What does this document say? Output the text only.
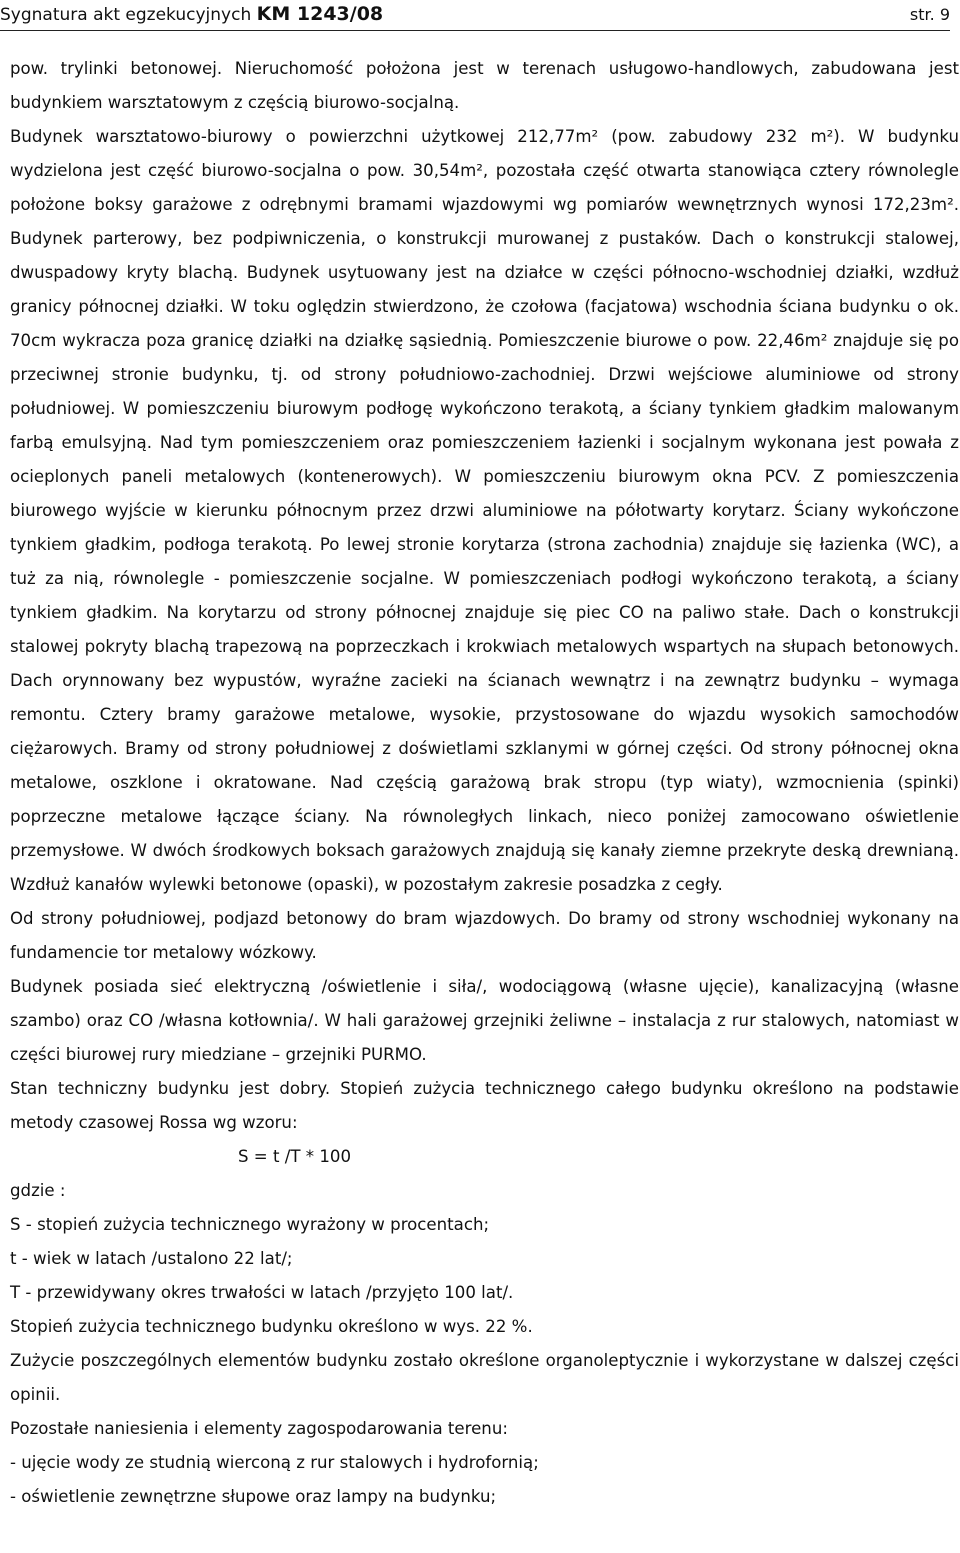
Sygnatura akt egzekucyjnych KM 1243/08	str. 9

pow. trylinki betonowej. Nieruchomość położona jest w terenach usługowo-handlowych, zabudowana jest budynkiem warsztatowym z częścią biurowo-socjalną.

Budynek warsztatowo-biurowy o powierzchni użytkowej 212,77m² (pow. zabudowy 232 m²). W budynku wydzielona jest część biurowo-socjalna o pow. 30,54m², pozostała część otwarta stanowiąca cztery równolegle położone boksy garażowe z odrębnymi bramami wjazdowymi wg pomiarów wewnętrznych wynosi 172,23m². Budynek parterowy, bez podpiwniczenia, o konstrukcji murowanej z pustaków. Dach o konstrukcji stalowej, dwuspadowy kryty blachą. Budynek usytuowany jest na działce w części północno-wschodniej działki, wzdłuż granicy północnej działki. W toku oględzin stwierdzono, że czołowa (facjatowa) wschodnia ściana budynku o ok. 70cm wykracza poza granicę działki na działkę sąsiednią. Pomieszczenie biurowe o pow. 22,46m² znajduje się po przeciwnej stronie budynku, tj. od strony południowo-zachodniej. Drzwi wejściowe aluminiowe od strony południowej. W pomieszczeniu biurowym podłogę wykończono terakotą, a ściany tynkiem gładkim malowanym farbą emulsyjną. Nad tym pomieszczeniem oraz pomieszczeniem łazienki i socjalnym wykonana jest powała z ocieplonych paneli metalowych (kontenerowych). W pomieszczeniu biurowym okna PCV. Z pomieszczenia biurowego wyjście w kierunku północnym przez drzwi aluminiowe na półotwarty korytarz. Ściany wykończone tynkiem gładkim, podłoga terakotą. Po lewej stronie korytarza (strona zachodnia) znajduje się łazienka (WC), a tuż za nią, równolegle - pomieszczenie socjalne. W pomieszczeniach podłogi wykończono terakotą, a ściany tynkiem gładkim. Na korytarzu od strony północnej znajduje się piec CO na paliwo stałe. Dach o konstrukcji stalowej pokryty blachą trapezową na poprzeczkach i krokwiach metalowych wspartych na słupach betonowych. Dach orynnowany bez wypustów, wyraźne zacieki na ścianach wewnątrz i na zewnątrz budynku – wymaga remontu. Cztery bramy garażowe metalowe, wysokie, przystosowane do wjazdu wysokich samochodów ciężarowych. Bramy od strony południowej z doświetlami szklanymi w górnej części. Od strony północnej okna metalowe, oszklone i okratowane. Nad częścią garażową brak stropu (typ wiaty), wzmocnienia (spinki) poprzeczne metalowe łączące ściany. Na równoległych linkach, nieco poniżej zamocowano oświetlenie przemysłowe. W dwóch środkowych boksach garażowych znajdują się kanały ziemne przekryte deską drewnianą. Wzdłuż kanałów wylewki betonowe (opaski), w pozostałym zakresie posadzka z cegły.

Od strony południowej, podjazd betonowy do bram wjazdowych. Do bramy od strony wschodniej wykonany na fundamencie tor metalowy wózkowy.

Budynek posiada sieć elektryczną /oświetlenie i siła/, wodociągową (własne ujęcie), kanalizacyjną (własne szambo) oraz CO /własna kotłownia/. W hali garażowej grzejniki żeliwne – instalacja z rur stalowych, natomiast w części biurowej rury miedziane – grzejniki PURMO.

Stan techniczny budynku jest dobry. Stopień zużycia technicznego całego budynku określono na podstawie metody czasowej Rossa wg wzoru:

S = t /T * 100

gdzie :

S - stopień zużycia technicznego wyrażony w procentach;

t - wiek w latach /ustalono 22 lat/;

T - przewidywany okres trwałości w latach /przyjęto 100 lat/.

Stopień zużycia technicznego budynku określono w wys. 22 %.

Zużycie poszczególnych elementów budynku zostało określone organoleptycznie i wykorzystane w dalszej części opinii.

Pozostałe naniesienia i elementy zagospodarowania terenu:

- ujęcie wody ze studnią wierconą z rur stalowych i hydrofornią;

- oświetlenie zewnętrzne słupowe oraz lampy na budynku;
